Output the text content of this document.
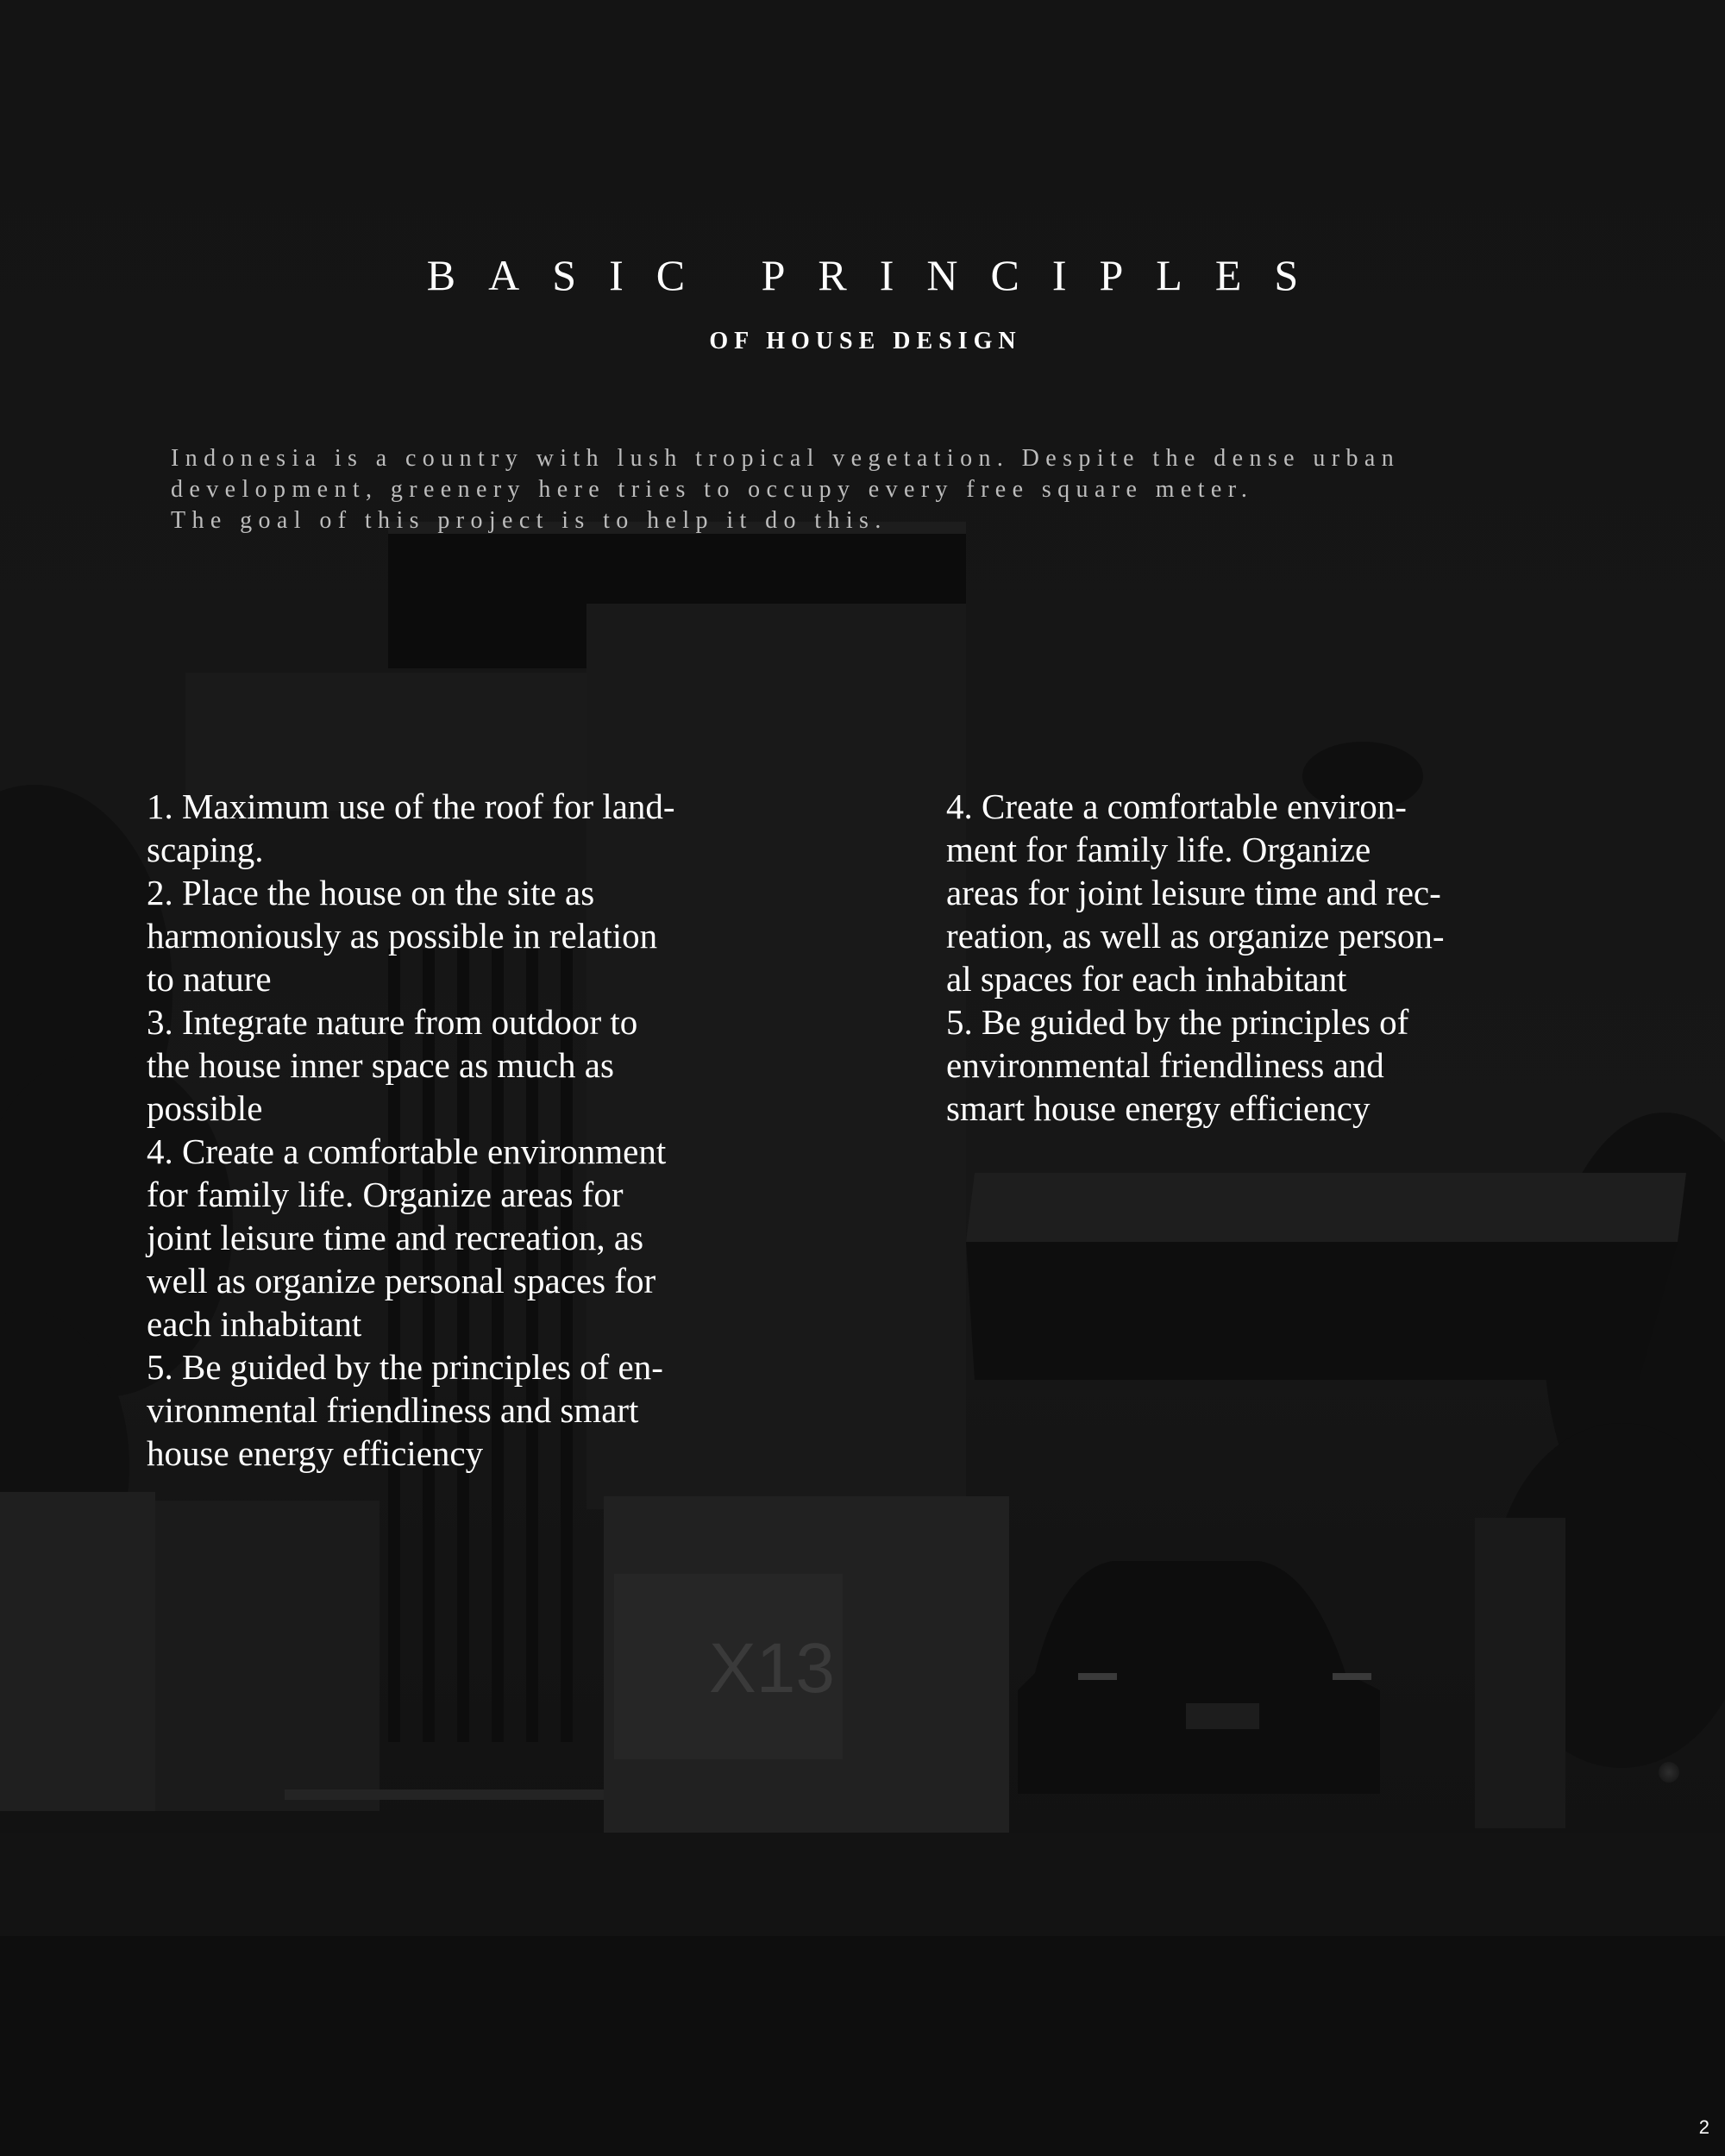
X13
BASIC PRINCIPLES
OF HOUSE DESIGN
Indonesia is a country with lush tropical vegetation. Despite the dense urban
development, greenery here tries to occupy every free square meter.
The goal of this project is to help it do this.
1. Maximum use of the roof for land-
scaping.
2. Place the house on the site as
harmoniously as possible in relation
to nature
3. Integrate nature from outdoor to
the house inner space as much as
possible
4. Create a comfortable environment
for family life. Organize areas for
joint leisure time and recreation, as
well as organize personal spaces for
each inhabitant
5. Be guided by the principles of en-
vironmental friendliness and smart
house energy efficiency
4. Create a comfortable environ-
ment for family life. Organize
areas for joint leisure time and rec-
reation, as well as organize person-
al spaces for each inhabitant
5. Be guided by the principles of
environmental friendliness and
smart house energy efficiency
2
